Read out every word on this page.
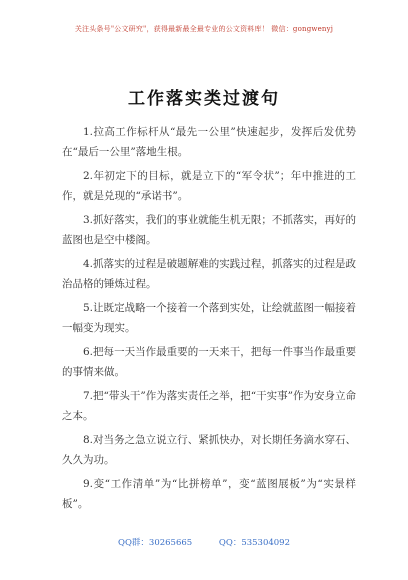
关注头条号"公文研究"，获得最新最全最专业的公文资料库！ 微信：gongwenyj
工作落实类过渡句

1.拉高工作标杆从“最先一公里”快速起步，发挥后发优势在“最后一公里”落地生根。

2.年初定下的目标，就是立下的“军令状”；年中推进的工作，就是兑现的“承诺书”。

3.抓好落实，我们的事业就能生机无限；不抓落实，再好的蓝图也是空中楼阁。

4.抓落实的过程是破题解难的实践过程，抓落实的过程是政治品格的锤炼过程。

5.让既定战略一个接着一个落到实处，让绘就蓝图一幅接着一幅变为现实。

6.把每一天当作最重要的一天来干，把每一件事当作最重要的事情来做。

7.把“带头干”作为落实责任之举，把“干实事”作为安身立命之本。

8.对当务之急立说立行、紧抓快办，对长期任务滴水穿石、久久为功。

9.变“工作清单”为“比拼榜单”，变“蓝图展板”为“实景样板”。

QQ群：30265665	QQ：535304092
